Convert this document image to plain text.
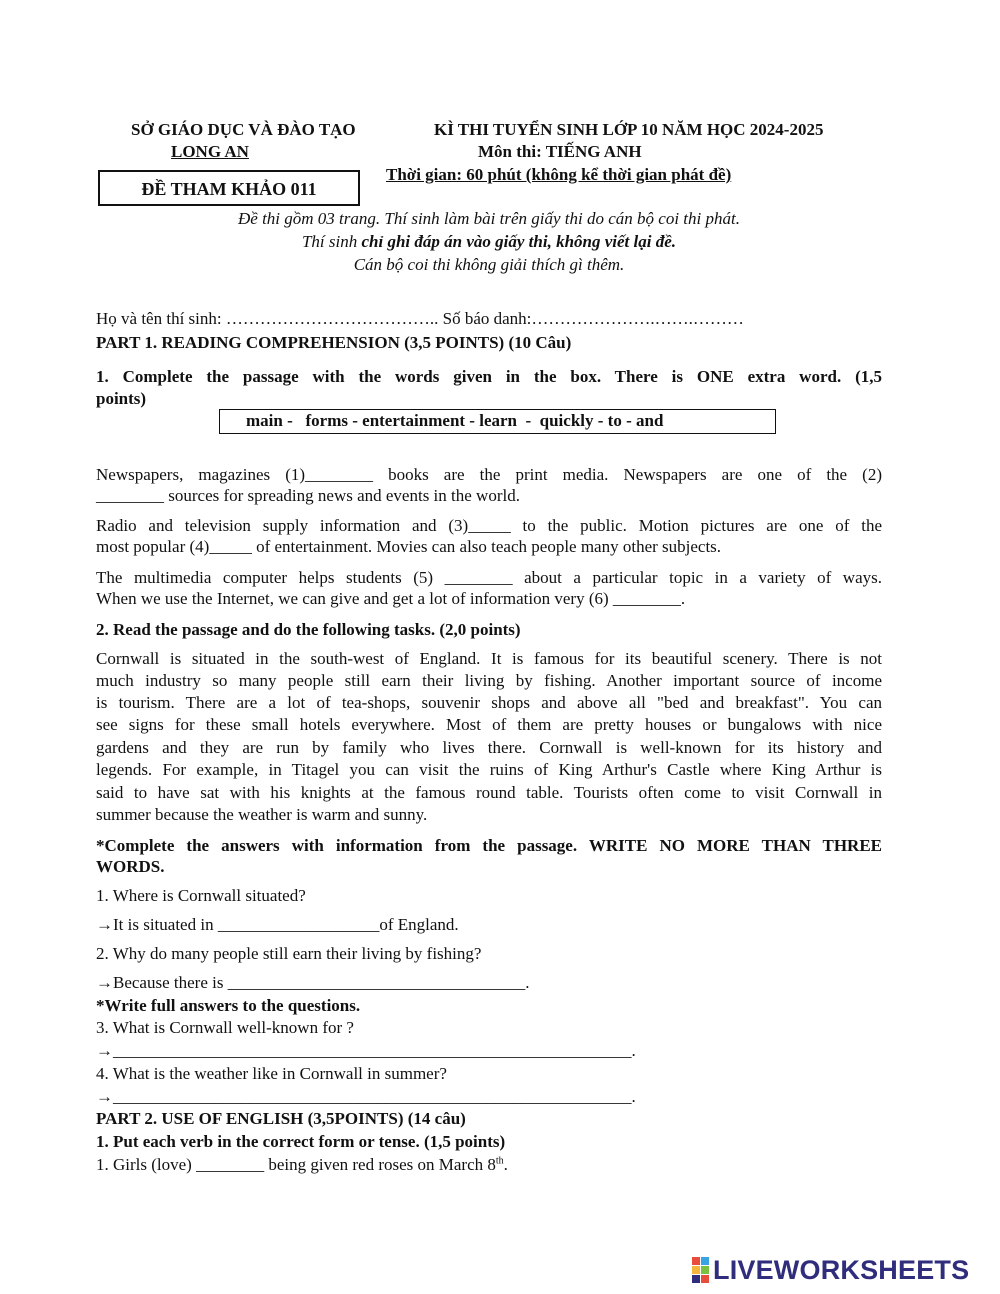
SỞ GIÁO DỤC VÀ ĐÀO TẠO
LONG AN
KÌ THI TUYỂN SINH LỚP 10 NĂM HỌC 2024-2025
Môn thi: TIẾNG ANH
Thời gian: 60 phút (không kể thời gian phát đề)
ĐỀ THAM KHẢO 011
Đề thi gồm 03 trang. Thí sinh làm bài trên giấy thi do cán bộ coi thi phát.
Thí sinh chỉ ghi đáp án vào giấy thi, không viết lại đề.
Cán bộ coi thi không giải thích gì thêm.
Họ và tên thí sinh: ……………………………….. Số báo danh:………………….…….………
PART 1. READING COMPREHENSION (3,5 POINTS) (10 Câu)
1. Complete the passage with the words given in the box. There is ONE extra word. (1,5
points)
main -   forms - entertainment - learn  -  quickly - to - and
Newspapers, magazines (1)________ books are the print media. Newspapers are one of the (2)
________ sources for spreading news and events in the world.
Radio and television supply information and (3)_____ to the public. Motion pictures are one of the
most popular (4)_____ of entertainment. Movies can also teach people many other subjects.
The multimedia computer helps students (5) ________ about a particular topic in a variety of ways.
When we use the Internet, we can give and get a lot of information very (6) ________.
2. Read the passage and do the following tasks. (2,0 points)
Cornwall is situated in the south-west of England. It is famous for its beautiful scenery. There is not
much industry so many people still earn their living by fishing. Another important source of income
is tourism. There are a lot of tea-shops, souvenir shops and above all "bed and breakfast". You can
see signs for these small hotels everywhere. Most of them are pretty houses or bungalows with nice
gardens and they are run by family who lives there. Cornwall is well-known for its history and
legends. For example, in Titagel you can visit the ruins of King Arthur's Castle where King Arthur is
said to have sat with his knights at the famous round table. Tourists often come to visit Cornwall in
summer because the weather is warm and sunny.
*Complete the answers with information from the passage. WRITE NO MORE THAN THREE
WORDS.
1. Where is Cornwall situated?
→It is situated in ___________________of England.
2. Why do many people still earn their living by fishing?
→Because there is ___________________________________.
*Write full answers to the questions.
3. What is Cornwall well-known for ?
→_____________________________________________________________.
4. What is the weather like in Cornwall in summer?
→_____________________________________________________________.
PART 2. USE OF ENGLISH (3,5POINTS) (14 câu)
1. Put each verb in the correct form or tense. (1,5 points)
1. Girls (love) ________ being given red roses on March 8th.
LIVEWORKSHEETS
